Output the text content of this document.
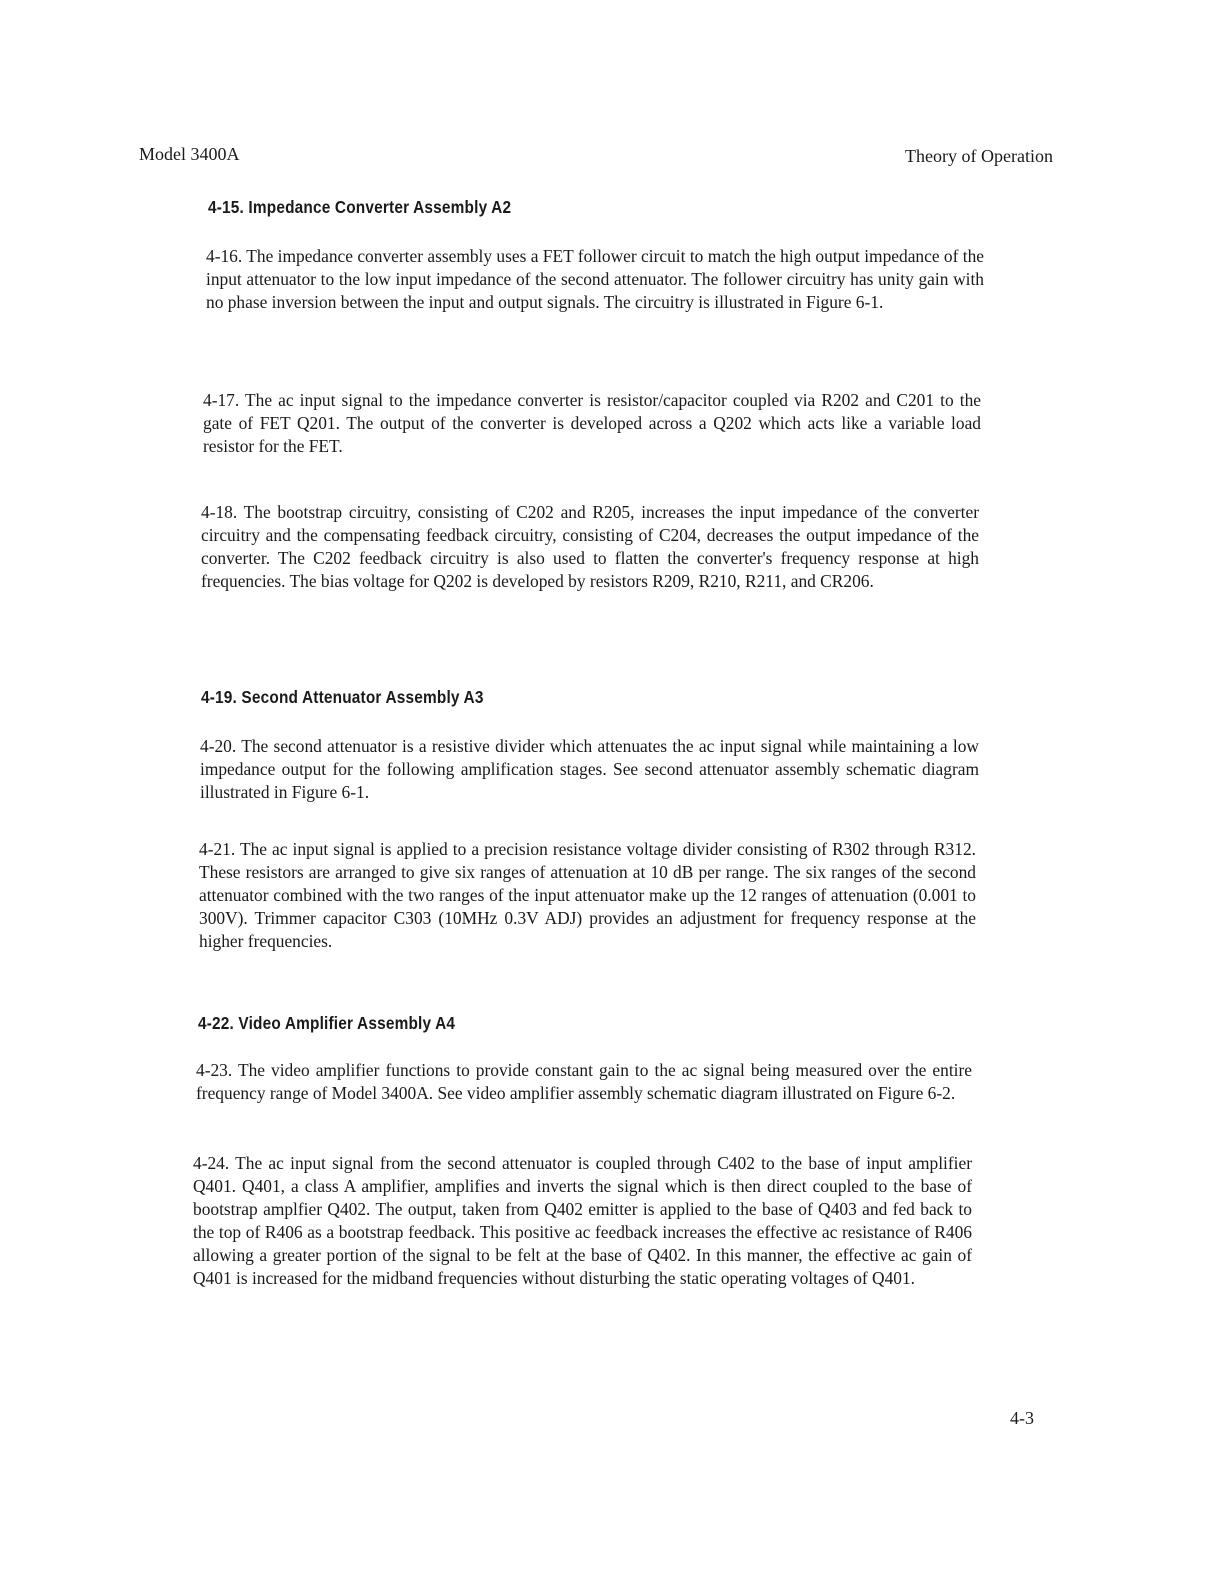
Model 3400A	Theory of Operation
4-15. Impedance Converter Assembly A2
4-16. The impedance converter assembly uses a FET follower circuit to match the high output impedance of the input attenuator to the low input impedance of the second attenuator. The follower circuitry has unity gain with no phase inversion between the input and output signals. The circuitry is illustrated in Figure 6-1.
4-17. The ac input signal to the impedance converter is resistor/capacitor coupled via R202 and C201 to the gate of FET Q201. The output of the converter is developed across a Q202 which acts like a variable load resistor for the FET.
4-18. The bootstrap circuitry, consisting of C202 and R205, increases the input impedance of the converter circuitry and the compensating feedback circuitry, consisting of C204, decreases the output impedance of the converter. The C202 feedback circuitry is also used to flatten the converter's frequency response at high frequencies. The bias voltage for Q202 is developed by resistors R209, R210, R211, and CR206.
4-19. Second Attenuator Assembly A3
4-20. The second attenuator is a resistive divider which attenuates the ac input signal while maintaining a low impedance output for the following amplification stages. See second attenuator assembly schematic diagram illustrated in Figure 6-1.
4-21. The ac input signal is applied to a precision resistance voltage divider consisting of R302 through R312. These resistors are arranged to give six ranges of attenuation at 10 dB per range. The six ranges of the second attenuator combined with the two ranges of the input attenuator make up the 12 ranges of attenuation (0.001 to 300V). Trimmer capacitor C303 (10MHz 0.3V ADJ) provides an adjustment for frequency response at the higher frequencies.
4-22. Video Amplifier Assembly A4
4-23. The video amplifier functions to provide constant gain to the ac signal being measured over the entire frequency range of Model 3400A. See video amplifier assembly schematic diagram illustrated on Figure 6-2.
4-24. The ac input signal from the second attenuator is coupled through C402 to the base of input amplifier Q401. Q401, a class A amplifier, amplifies and inverts the signal which is then direct coupled to the base of bootstrap amplfier Q402. The output, taken from Q402 emitter is applied to the base of Q403 and fed back to the top of R406 as a bootstrap feedback. This positive ac feedback increases the effective ac resistance of R406 allowing a greater portion of the signal to be felt at the base of Q402. In this manner, the effective ac gain of Q401 is increased for the midband frequencies without disturbing the static operating voltages of Q401.
4-3
